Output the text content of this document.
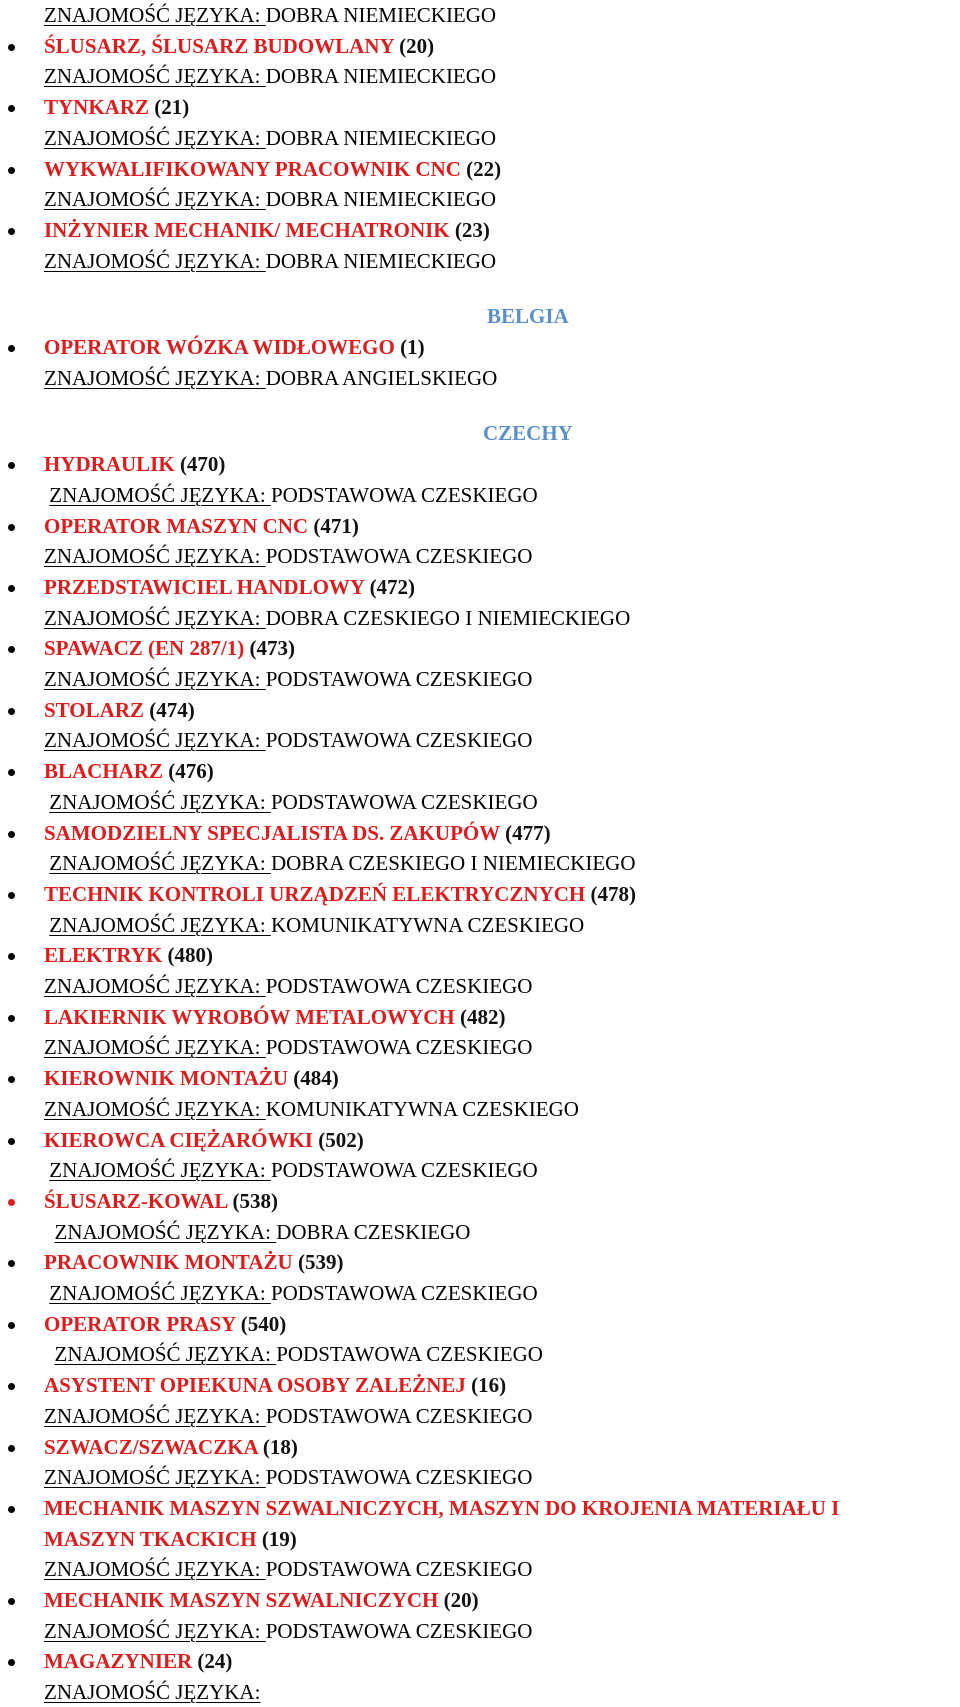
ZNAJOMOŚĆ JĘZYKA: DOBRA NIEMIECKIEGO
ŚLUSARZ, ŚLUSARZ BUDOWLANY (20)
ZNAJOMOŚĆ JĘZYKA: DOBRA NIEMIECKIEGO
TYNKARZ (21)
ZNAJOMOŚĆ JĘZYKA: DOBRA NIEMIECKIEGO
WYKWALIFIKOWANY PRACOWNIK CNC (22)
ZNAJOMOŚĆ JĘZYKA: DOBRA NIEMIECKIEGO
INŻYNIER MECHANIK/ MECHATRONIK (23)
ZNAJOMOŚĆ JĘZYKA: DOBRA NIEMIECKIEGO
BELGIA
OPERATOR WÓZKA WIDŁOWEGO (1)
ZNAJOMOŚĆ JĘZYKA: DOBRA ANGIELSKIEGO
CZECHY
HYDRAULIK (470)
ZNAJOMOŚĆ JĘZYKA: PODSTAWOWA CZESKIEGO
OPERATOR MASZYN CNC (471)
ZNAJOMOŚĆ JĘZYKA: PODSTAWOWA CZESKIEGO
PRZEDSTAWICIEL HANDLOWY (472)
ZNAJOMOŚĆ JĘZYKA: DOBRA CZESKIEGO I NIEMIECKIEGO
SPAWACZ (EN 287/1) (473)
ZNAJOMOŚĆ JĘZYKA: PODSTAWOWA CZESKIEGO
STOLARZ (474)
ZNAJOMOŚĆ JĘZYKA: PODSTAWOWA CZESKIEGO
BLACHARZ (476)
ZNAJOMOŚĆ JĘZYKA: PODSTAWOWA CZESKIEGO
SAMODZIELNY SPECJALISTA DS. ZAKUPÓW (477)
ZNAJOMOŚĆ JĘZYKA: DOBRA CZESKIEGO I NIEMIECKIEGO
TECHNIK KONTROLI URZĄDZEŃ ELEKTRYCZNYCH (478)
ZNAJOMOŚĆ JĘZYKA: KOMUNIKATYWNA CZESKIEGO
ELEKTRYK (480)
ZNAJOMOŚĆ JĘZYKA: PODSTAWOWA CZESKIEGO
LAKIERNIK WYROBÓW METALOWYCH (482)
ZNAJOMOŚĆ JĘZYKA: PODSTAWOWA CZESKIEGO
KIEROWNIK MONTAŻU (484)
ZNAJOMOŚĆ JĘZYKA: KOMUNIKATYWNA CZESKIEGO
KIEROWCA CIĘŻARÓWKI (502)
ZNAJOMOŚĆ JĘZYKA: PODSTAWOWA CZESKIEGO
ŚLUSARZ-KOWAL (538)
ZNAJOMOŚĆ JĘZYKA: DOBRA CZESKIEGO
PRACOWNIK MONTAŻU (539)
ZNAJOMOŚĆ JĘZYKA: PODSTAWOWA CZESKIEGO
OPERATOR PRASY (540)
ZNAJOMOŚĆ JĘZYKA: PODSTAWOWA CZESKIEGO
ASYSTENT OPIEKUNA OSOBY ZALEŻNEJ (16)
ZNAJOMOŚĆ JĘZYKA: PODSTAWOWA CZESKIEGO
SZWACZ/SZWACZKA (18)
ZNAJOMOŚĆ JĘZYKA: PODSTAWOWA CZESKIEGO
MECHANIK MASZYN SZWALNICZYCH, MASZYN DO KROJENIA MATERIAŁU I
MASZYN TKACKICH (19)
ZNAJOMOŚĆ JĘZYKA: PODSTAWOWA CZESKIEGO
MECHANIK MASZYN SZWALNICZYCH (20)
ZNAJOMOŚĆ JĘZYKA: PODSTAWOWA CZESKIEGO
MAGAZYNIER (24)
ZNAJOMOŚĆ JĘZYKA:
